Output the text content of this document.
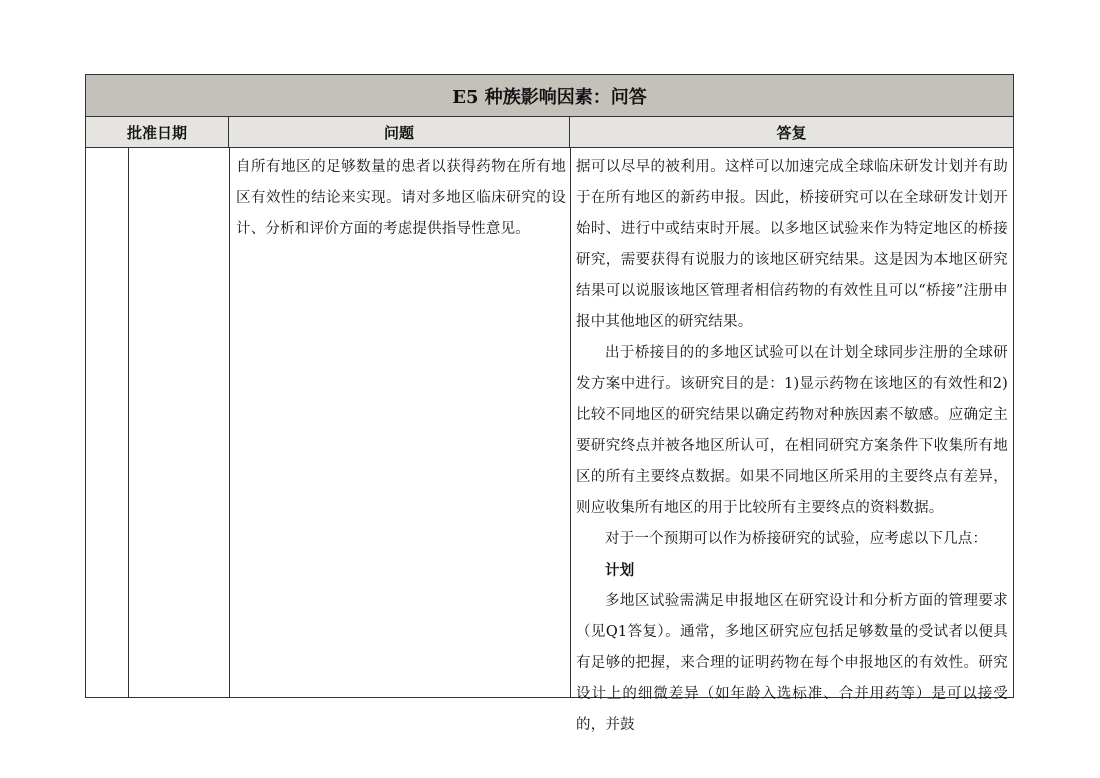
E5 种族影响因素：问答
批准日期	问题	答复
自所有地区的足够数量的患者以获得药物在所有地区有效性的结论来实现。请对多地区临床研究的设计、分析和评价方面的考虑提供指导性意见。

据可以尽早的被利用。这样可以加速完成全球临床研发计划并有助于在所有地区的新药申报。因此，桥接研究可以在全球研发计划开始时、进行中或结束时开展。以多地区试验来作为特定地区的桥接研究，需要获得有说服力的该地区研究结果。这是因为本地区研究结果可以说服该地区管理者相信药物的有效性且可以“桥接”注册申报中其他地区的研究结果。

出于桥接目的的多地区试验可以在计划全球同步注册的全球研发方案中进行。该研究目的是：1)显示药物在该地区的有效性和2) 比较不同地区的研究结果以确定药物对种族因素不敏感。应确定主要研究终点并被各地区所认可，在相同研究方案条件下收集所有地区的所有主要终点数据。如果不同地区所采用的主要终点有差异，则应收集所有地区的用于比较所有主要终点的资料数据。

对于一个预期可以作为桥接研究的试验，应考虑以下几点：

计划

多地区试验需满足申报地区在研究设计和分析方面的管理要求（见Q1答复）。通常，多地区研究应包括足够数量的受试者以便具有足够的把握，来合理的证明药物在每个申报地区的有效性。研究设计上的细微差异（如年龄入选标准、合并用药等）是可以接受的，并鼓
